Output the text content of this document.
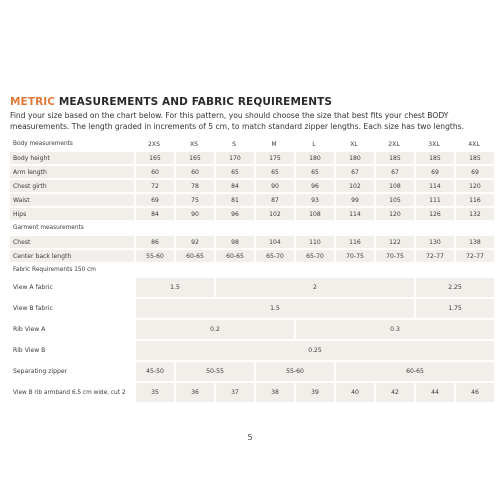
METRIC MEASUREMENTS AND FABRIC REQUIREMENTS
Find your size based on the chart below. For this pattern, you should choose the size that best fits your chest BODY measurements. The length graded in increments of 5 cm, to match standard zipper lengths. Each size has two lengths.
Body measurements	2XS	XS	S	M	L	XL	2XL	3XL	4XL
Body height	165	165	170	175	180	180	185	185	185
Arm length	60	60	65	65	65	67	67	69	69
Chest girth	72	78	84	90	96	102	108	114	120
Waist	69	75	81	87	93	99	105	111	116
Hips	84	90	96	102	108	114	120	126	132
Garment measurements									
Chest	86	92	98	104	110	116	122	130	138
Center back length	55-60	60-65	60-65	65-70	65-70	70-75	70-75	72-77	72-77
Fabric Requirements 150 cm									
View A fabric	1.5		2					2.25	
View B fabric	1.5							1.75	
Rib View A	0.2				0.3				
Rib View B	0.25								
Separating zipper	45-50	50-55		55-60		60-65			
View B rib armband 6.5 cm wide, cut 2	35	36	37	38	39	40	42	44	46
5
